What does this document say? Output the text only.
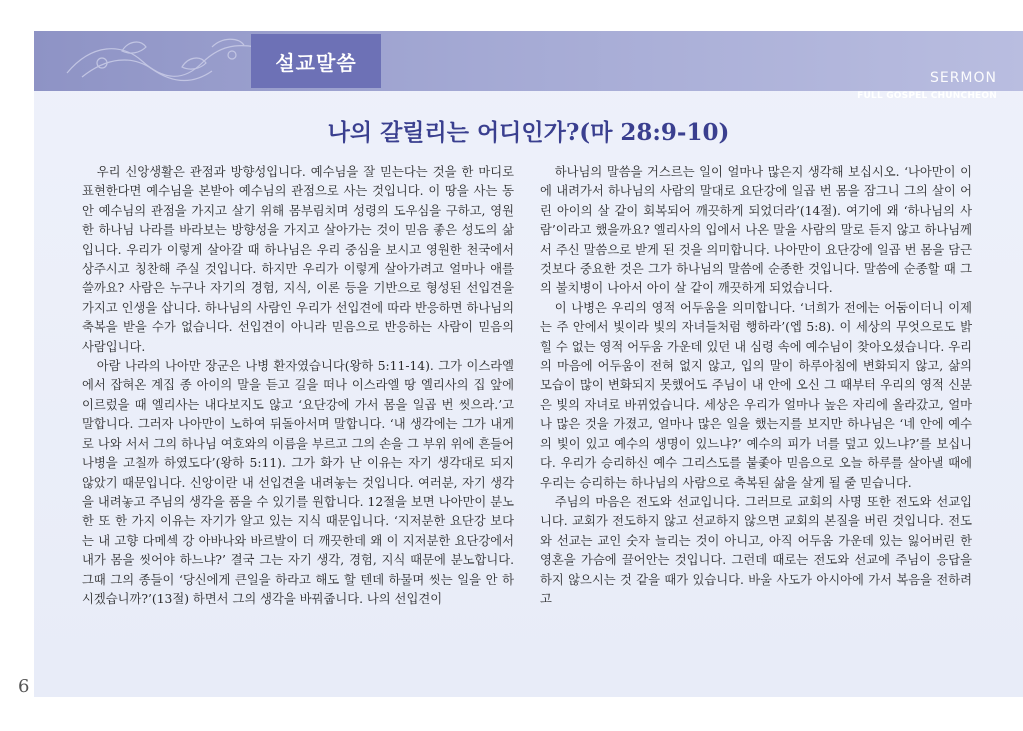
SERMON
FULL GOSPEL CHUNCHEON
설교말씀
나의 갈릴리는 어디인가?(마 28:9-10)

우리 신앙생활은 관점과 방향성입니다. 예수님을 잘 믿는다는 것을 한 마디로 표현한다면 예수님을 본받아 예수님의 관점으로 사는 것입니다. 이 땅을 사는 동안 예수님의 관점을 가지고 살기 위해 몸부림치며 성령의 도우심을 구하고, 영원한 하나님 나라를 바라보는 방향성을 가지고 살아가는 것이 믿음 좋은 성도의 삶입니다. 우리가 이렇게 살아갈 때 하나님은 우리 중심을 보시고 영원한 천국에서 상주시고 칭찬해 주실 것입니다. 하지만 우리가 이렇게 살아가려고 얼마나 애를 쓸까요? 사람은 누구나 자기의 경험, 지식, 이론 등을 기반으로 형성된 선입견을 가지고 인생을 삽니다. 하나님의 사람인 우리가 선입견에 따라 반응하면 하나님의 축복을 받을 수가 없습니다. 선입견이 아니라 믿음으로 반응하는 사람이 믿음의 사람입니다.

아람 나라의 나아만 장군은 나병 환자였습니다(왕하 5:11-14). 그가 이스라엘에서 잡혀온 계집 종 아이의 말을 듣고 길을 떠나 이스라엘 땅 엘리사의 집 앞에 이르렀을 때 엘리사는 내다보지도 않고 ‘요단강에 가서 몸을 일곱 번 씻으라.’고 말합니다. 그러자 나아만이 노하여 뒤돌아서며 말합니다. ‘내 생각에는 그가 내게로 나와 서서 그의 하나님 여호와의 이름을 부르고 그의 손을 그 부위 위에 흔들어 나병을 고칠까 하였도다’(왕하 5:11). 그가 화가 난 이유는 자기 생각대로 되지 않았기 때문입니다. 신앙이란 내 선입견을 내려놓는 것입니다. 여러분, 자기 생각을 내려놓고 주님의 생각을 품을 수 있기를 원합니다. 12절을 보면 나아만이 분노한 또 한 가지 이유는 자기가 알고 있는 지식 때문입니다. ‘지저분한 요단강 보다는 내 고향 다메섹 강 아바나와 바르발이 더 깨끗한데 왜 이 지저분한 요단강에서 내가 몸을 씻어야 하느냐?’ 결국 그는 자기 생각, 경험, 지식 때문에 분노합니다. 그때 그의 종들이 ‘당신에게 큰일을 하라고 해도 할 텐데 하물며 씻는 일을 안 하시겠습니까?’(13절) 하면서 그의 생각을 바꿔줍니다. 나의 선입견이

하나님의 말씀을 거스르는 일이 얼마나 많은지 생각해 보십시오. ‘나아만이 이에 내려가서 하나님의 사람의 말대로 요단강에 일곱 번 몸을 잠그니 그의 살이 어린 아이의 살 같이 회복되어 깨끗하게 되었더라’(14절). 여기에 왜 ‘하나님의 사람’이라고 했을까요? 엘리사의 입에서 나온 말을 사람의 말로 듣지 않고 하나님께서 주신 말씀으로 받게 된 것을 의미합니다. 나아만이 요단강에 일곱 번 몸을 담근 것보다 중요한 것은 그가 하나님의 말씀에 순종한 것입니다. 말씀에 순종할 때 그의 불치병이 나아서 아이 살 같이 깨끗하게 되었습니다.

이 나병은 우리의 영적 어두움을 의미합니다. ‘너희가 전에는 어둠이더니 이제는 주 안에서 빛이라 빛의 자녀들처럼 행하라’(엡 5:8). 이 세상의 무엇으로도 밝힐 수 없는 영적 어두움 가운데 있던 내 심령 속에 예수님이 찾아오셨습니다. 우리의 마음에 어두움이 전혀 없지 않고, 입의 말이 하루아침에 변화되지 않고, 삶의 모습이 많이 변화되지 못했어도 주님이 내 안에 오신 그 때부터 우리의 영적 신분은 빛의 자녀로 바뀌었습니다. 세상은 우리가 얼마나 높은 자리에 올라갔고, 얼마나 많은 것을 가졌고, 얼마나 많은 일을 했는지를 보지만 하나님은 ‘네 안에 예수의 빛이 있고 예수의 생명이 있느냐?’ 예수의 피가 너를 덮고 있느냐?’를 보십니다. 우리가 승리하신 예수 그리스도를 붙좇아 믿음으로 오늘 하루를 살아낼 때에 우리는 승리하는 하나님의 사람으로 축복된 삶을 살게 될 줄 믿습니다.

주님의 마음은 전도와 선교입니다. 그러므로 교회의 사명 또한 전도와 선교입니다. 교회가 전도하지 않고 선교하지 않으면 교회의 본질을 버린 것입니다. 전도와 선교는 교인 숫자 늘리는 것이 아니고, 아직 어두움 가운데 있는 잃어버린 한 영혼을 가슴에 끌어안는 것입니다. 그런데 때로는 전도와 선교에 주님이 응답을 하지 않으시는 것 같을 때가 있습니다. 바울 사도가 아시아에 가서 복음을 전하려고

6
